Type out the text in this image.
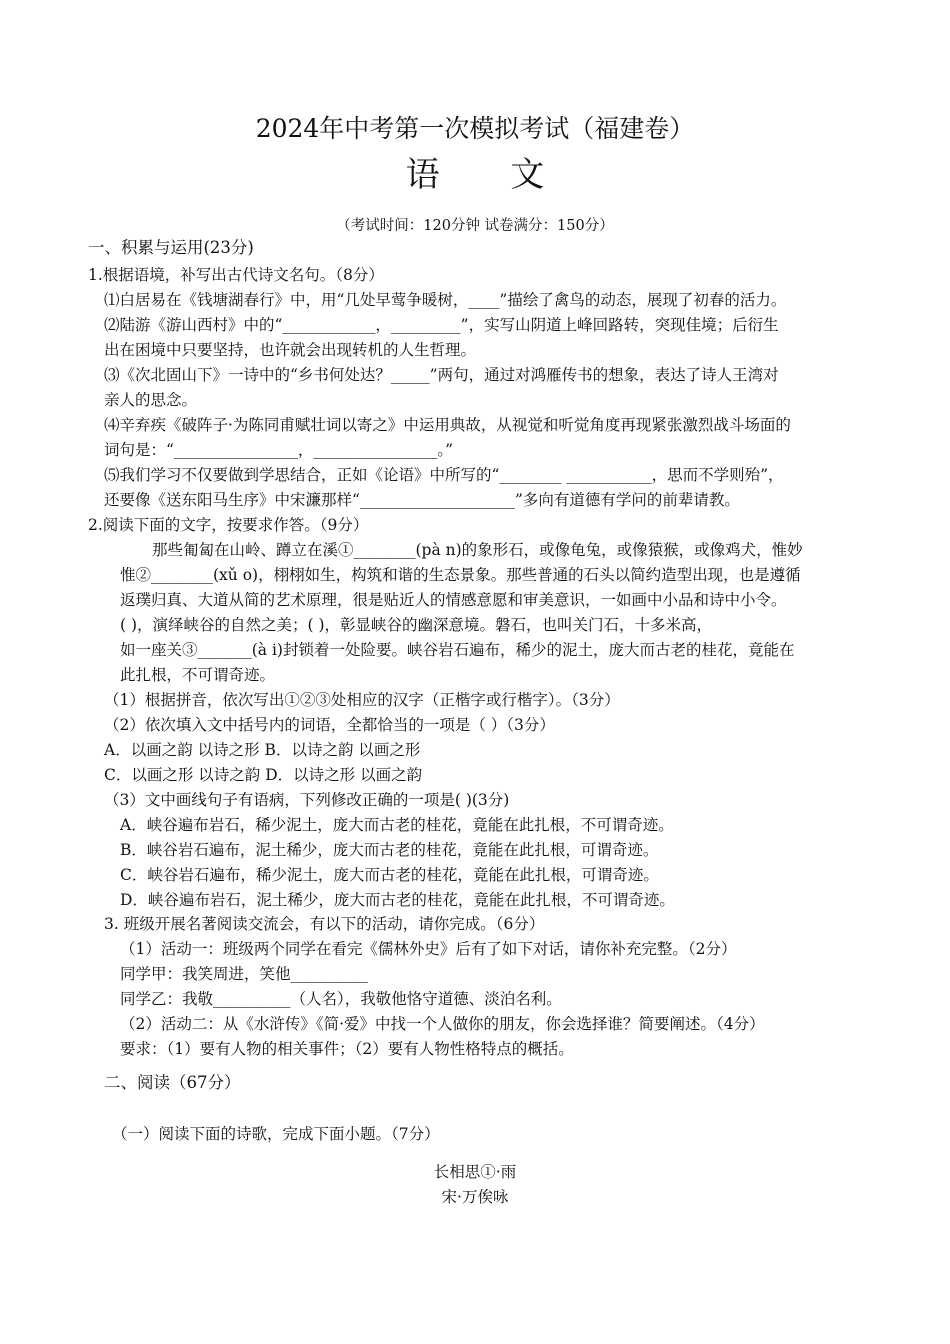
2024年中考第一次模拟考试（福建卷）
语 文
（考试时间：120分钟 试卷满分：150分）
一、积累与运用(23分)
1.根据语境，补写出古代诗文名句。（8分）
⑴白居易在《钱塘湖春行》中，用“几处早莺争暖树，____”描绘了禽鸟的动态，展现了初春的活力。
⑵陆游《游山西村》中的“____________，_________”，实写山阴道上峰回路转，突现佳境；后衍生
出在困境中只要坚持，也许就会出现转机的人生哲理。
⑶《次北固山下》一诗中的“乡书何处达？_____”两句，通过对鸿雁传书的想象，表达了诗人王湾对
亲人的思念。
⑷辛弃疾《破阵子·为陈同甫赋壮词以寄之》中运用典故，从视觉和听觉角度再现紧张激烈战斗场面的
词句是：“________________，________________。”
⑸我们学习不仅要做到学思结合，正如《论语》中所写的“________ ___________，思而不学则殆”，
还要像《送东阳马生序》中宋濂那样“____________________”多向有道德有学问的前辈请教。
2.阅读下面的文字，按要求作答。（9分）
那些匍匐在山岭、蹲立在溪①________(pà n)的象形石，或像龟兔，或像猿猴，或像鸡犬，惟妙
惟②________(xǔ o)，栩栩如生，构筑和谐的生态景象。那些普通的石头以简约造型出现，也是遵循
返璞归真、大道从简的艺术原理，很是贴近人的情感意愿和审美意识，一如画中小品和诗中小令。
( )，演绎峡谷的自然之美；( )，彰显峡谷的幽深意境。磐石，也叫关门石，十多米高，
如一座关③_______(à i)封锁着一处险要。峡谷岩石遍布，稀少的泥土，庞大而古老的桂花，竟能在
此扎根，不可谓奇迹。
（1）根据拼音，依次写出①②③处相应的汉字（正楷字或行楷字）。（3分）
（2）依次填入文中括号内的词语，全都恰当的一项是（ ）（3分）
A．以画之韵 以诗之形 B．以诗之韵 以画之形
C．以画之形 以诗之韵 D．以诗之形 以画之韵
（3）文中画线句子有语病，下列修改正确的一项是( )(3分)
A．峡谷遍布岩石，稀少泥土，庞大而古老的桂花，竟能在此扎根，不可谓奇迹。
B．峡谷岩石遍布，泥土稀少，庞大而古老的桂花，竟能在此扎根，可谓奇迹。
C．峡谷岩石遍布，稀少泥土，庞大而古老的桂花，竟能在此扎根，可谓奇迹。
D．峡谷遍布岩石，泥土稀少，庞大而古老的桂花，竟能在此扎根，不可谓奇迹。
3. 班级开展名著阅读交流会，有以下的活动，请你完成。（6分）
（1）活动一：班级两个同学在看完《儒林外史》后有了如下对话，请你补充完整。（2分）
同学甲：我笑周进，笑他__________
同学乙：我敬__________（人名），我敬他恪守道德、淡泊名利。
（2）活动二：从《水浒传》《简·爱》中找一个人做你的朋友，你会选择谁？简要阐述。（4分）
要求：（1）要有人物的相关事件；（2）要有人物性格特点的概括。
二、阅读（67分）
（一）阅读下面的诗歌，完成下面小题。（7分）
长相思①·雨
宋·万俟咏
